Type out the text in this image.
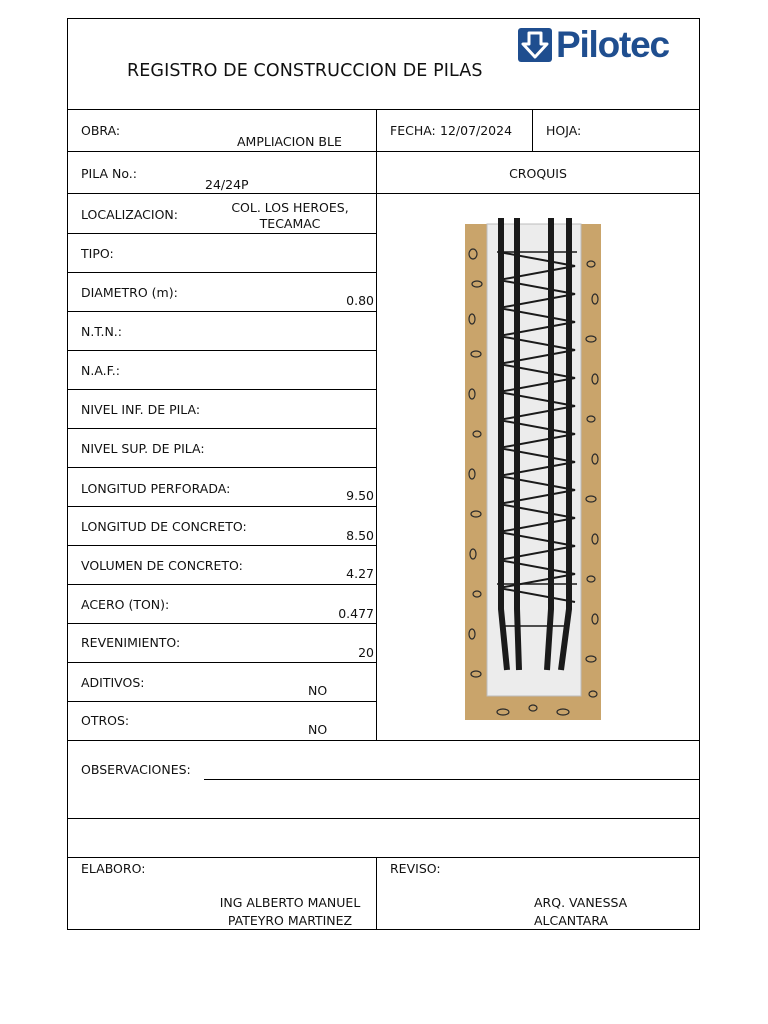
REGISTRO DE CONSTRUCCION DE PILAS
Pilotec
OBRA:
AMPLIACION BLE
FECHA: 12/07/2024	HOJA:
PILA No.:
24/24P
CROQUIS
LOCALIZACION:	COL. LOS HEROES,
TECAMAC
TIPO:
DIAMETRO (m):
0.80
N.T.N.:
N.A.F.:
NIVEL INF. DE PILA:
NIVEL SUP. DE PILA:
LONGITUD PERFORADA:	9.50
LONGITUD DE CONCRETO:
8.50
VOLUMEN DE CONCRETO:
4.27
ACERO (TON):
0.477
REVENIMIENTO:
20
ADITIVOS:
NO
OTROS:
NO
OBSERVACIONES:
ELABORO:
ING ALBERTO MANUEL
PATEYRO MARTINEZ
REVISO:
ARQ. VANESSA
ALCANTARA
